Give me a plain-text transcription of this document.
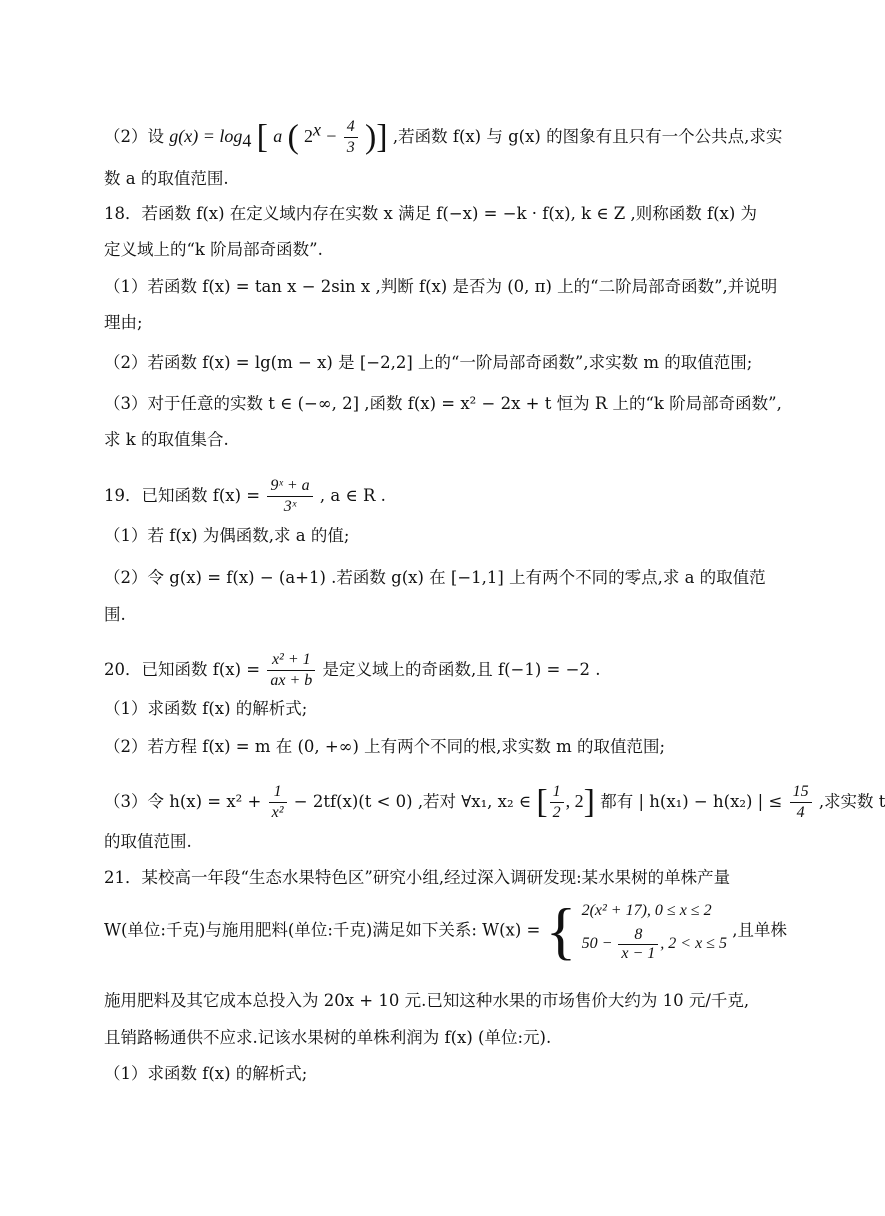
（2）设 $g(x) = \log_4$ [ a ( $2^x - \frac{4}{3}$ )] ,若函数 f(x) 与 g(x) 的图象有且只有一个公共点,求实
数 a 的取值范围.
18．若函数 f(x) 在定义域内存在实数 x 满足 f(−x) = −k · f(x), k ∈ Z ,则称函数 f(x) 为
定义域上的“k 阶局部奇函数”.
（1）若函数 f(x) = tan x − 2sin x ,判断 f(x) 是否为 (0, π) 上的“二阶局部奇函数”,并说明
理由;
（2）若函数 f(x) = lg(m − x) 是 [−2,2] 上的“一阶局部奇函数”,求实数 m 的取值范围;
（3）对于任意的实数 t ∈ (−∞, 2] ,函数 f(x) = x² − 2x + t 恒为 R 上的“k 阶局部奇函数”,
求 k 的取值集合.
19．已知函数 $f(x) = \frac{\text{9ˣ + a}}{\text{3ˣ}}$ , a ∈ R .
（1）若 f(x) 为偶函数,求 a 的值;
（2）令 g(x) = f(x) − (a+1) .若函数 g(x) 在 [−1,1] 上有两个不同的零点,求 a 的取值范
围.
20．已知函数 $f(x) = \frac{\text{x² + 1}}{ax + b}$ 是定义域上的奇函数,且 f(−1) = −2 .
（1）求函数 f(x) 的解析式;
（2）若方程 f(x) = m 在 (0, +∞) 上有两个不同的根,求实数 m 的取值范围;
（3）令 $h(x) = x^2 + \frac{1}{\text{x²}} - 2tf(x)(t < 0)$ ,若对 ∀x₁, x₂ ∈ [ $\frac{1}{2}$ , 2] 都有 | h(x₁) − h(x₂) | ≤ $\frac{15}{4}$ ,求实数 t
的取值范围.
21．某校高一年段“生态水果特色区”研究小组,经过深入调研发现:某水果树的单株产量
W(单位:千克)与施用肥料(单位:千克)满足如下关系: W(x) = { 2(x² + 17), 0 ≤ x ≤ 2
$50 - \frac{8}{x - 1}$ , 2 < x ≤ 5
,且单株
施用肥料及其它成本总投入为 20x + 10 元.已知这种水果的市场售价大约为 10 元/千克,
且销路畅通供不应求.记该水果树的单株利润为 f(x) (单位:元).
（1）求函数 f(x) 的解析式;
